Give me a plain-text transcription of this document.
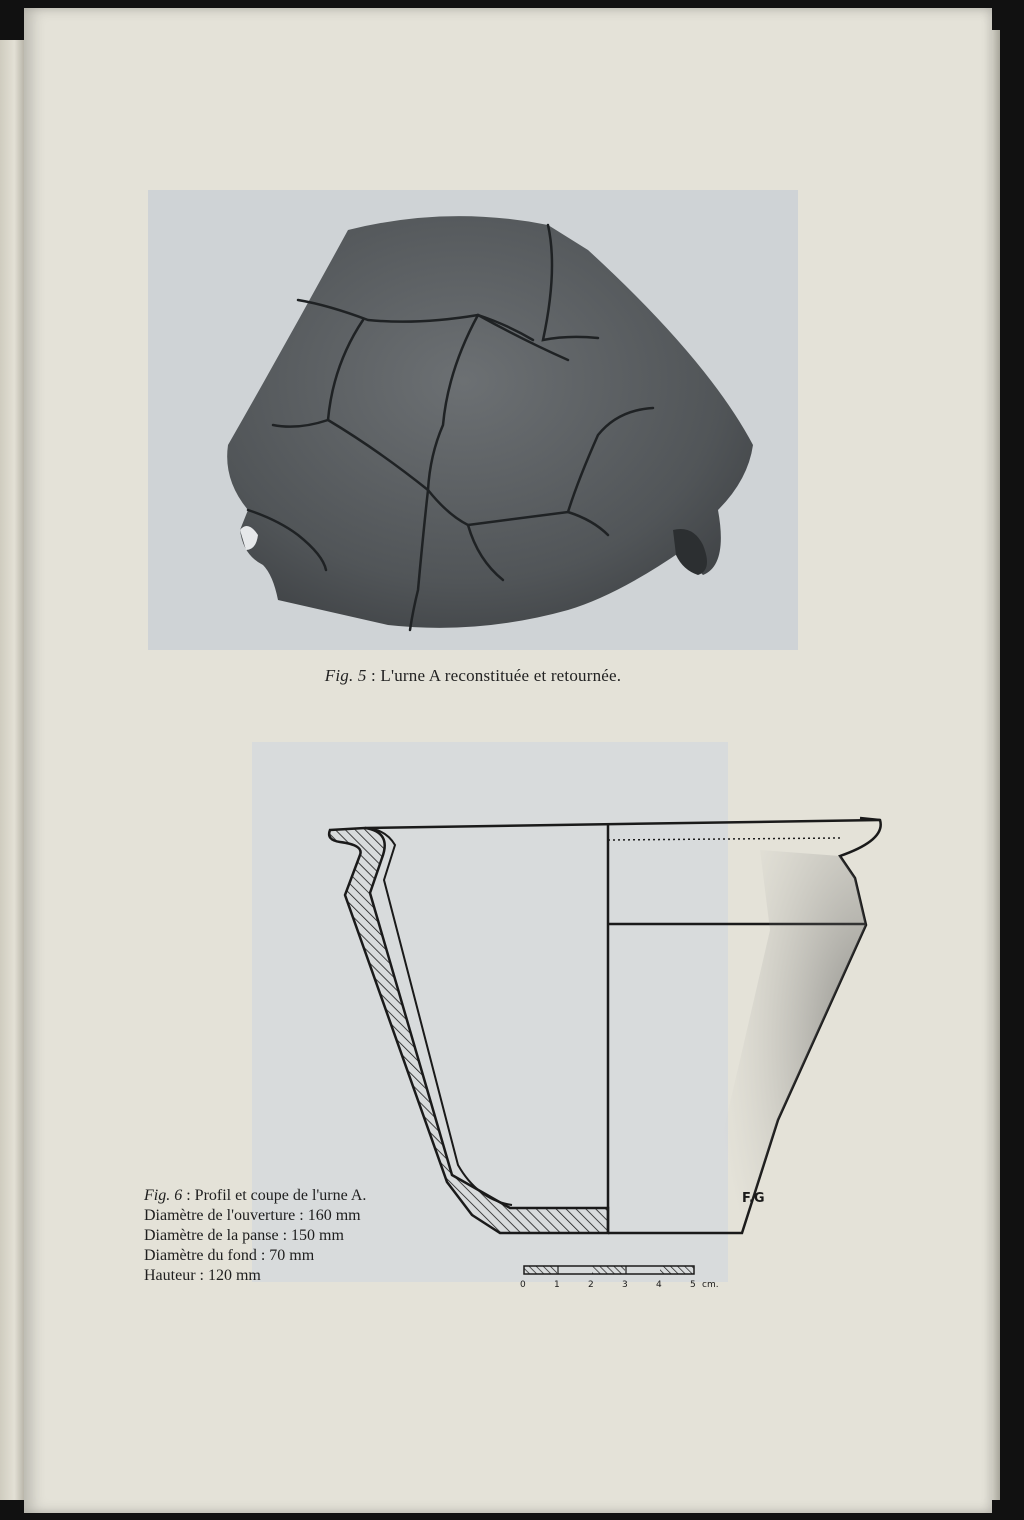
Fig. 5 : L'urne A reconstituée et retournée.
Fig. 6 : Profil et coupe de l'urne A.
Diamètre de l'ouverture : 160 mm
Diamètre de la panse : 150 mm
Diamètre du fond : 70 mm
Hauteur : 120 mm
F.G
0	1	2	3	4	5 cm.
